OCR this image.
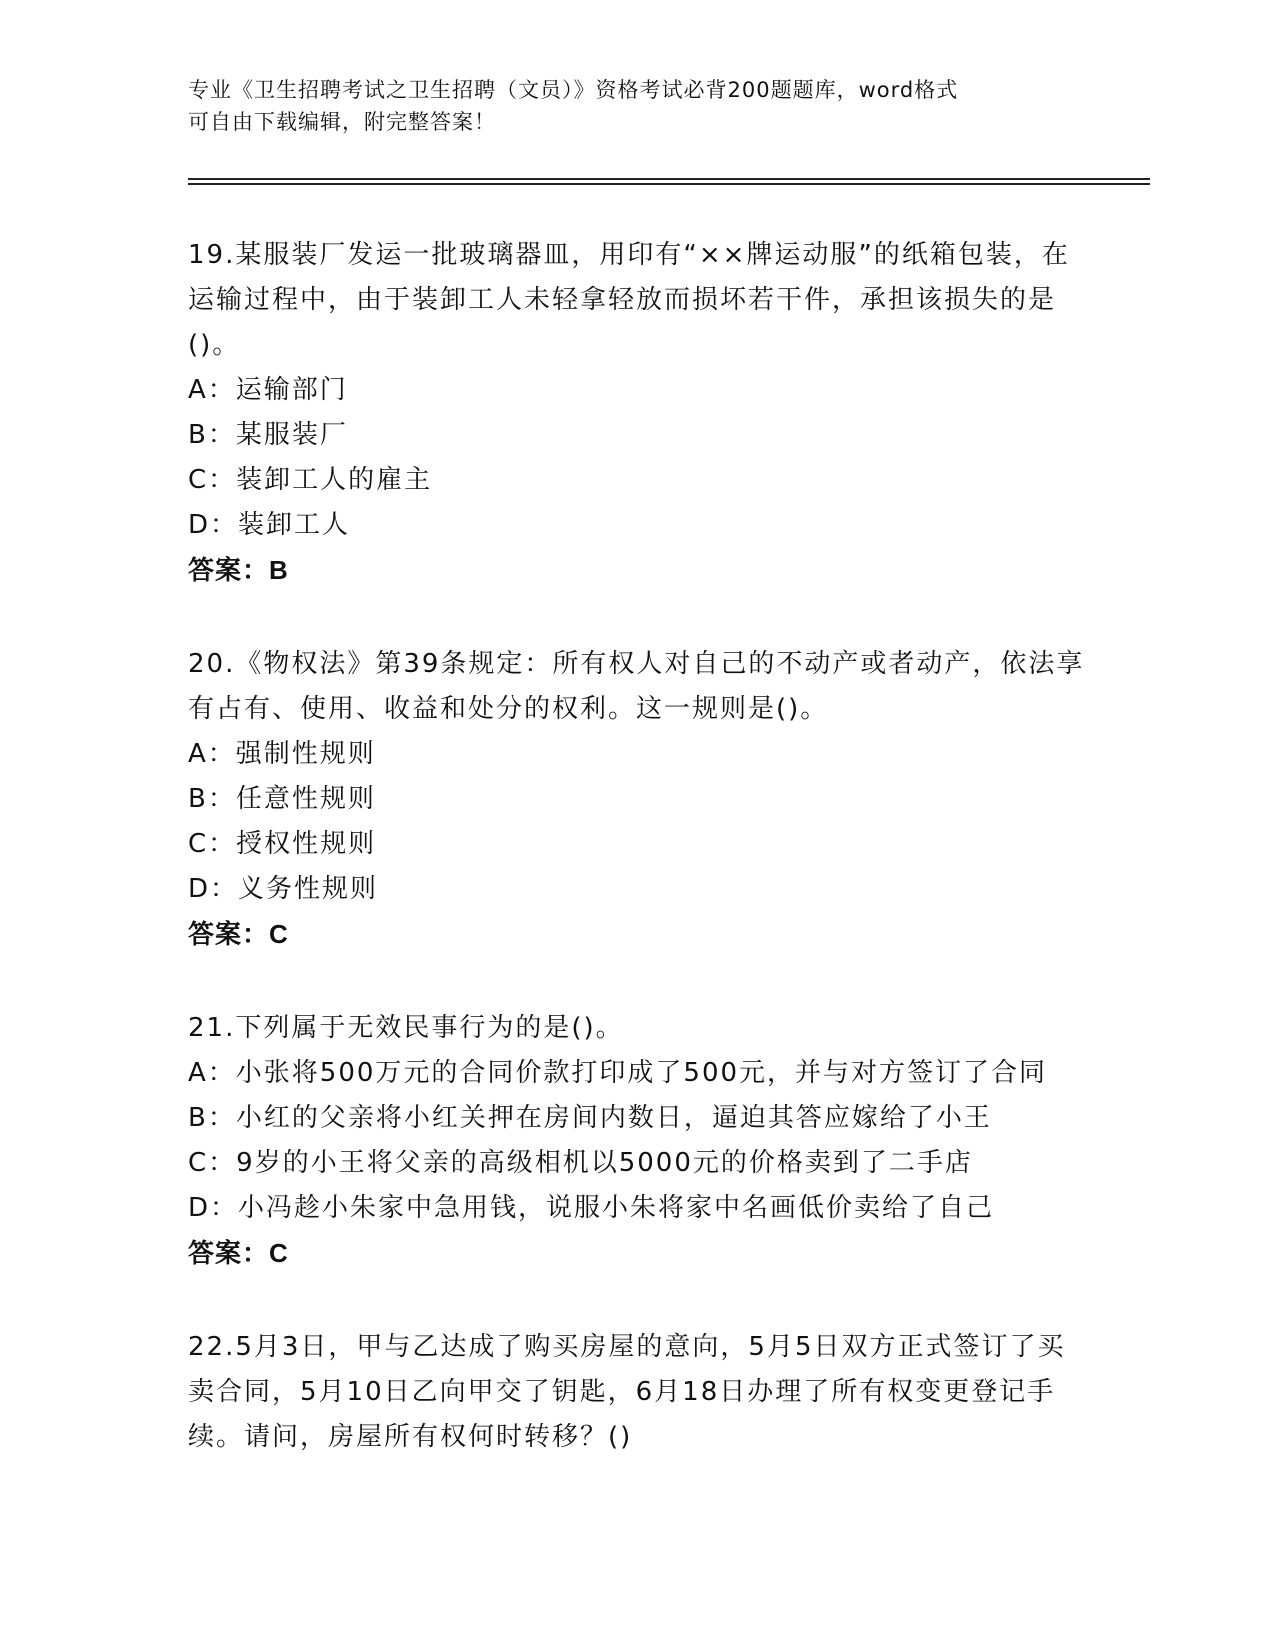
专业《卫生招聘考试之卫生招聘（文员）》资格考试必背200题题库，word格式
可自由下载编辑，附完整答案！
19.某服装厂发运一批玻璃器皿，用印有“××牌运动服”的纸箱包装，在运输过程中，由于装卸工人未轻拿轻放而损坏若干件，承担该损失的是()。
A：运输部门
B：某服装厂
C：装卸工人的雇主
D：装卸工人
答案：B
20.《物权法》第39条规定：所有权人对自己的不动产或者动产，依法享有占有、使用、收益和处分的权利。这一规则是()。
A：强制性规则
B：任意性规则
C：授权性规则
D：义务性规则
答案：C
21.下列属于无效民事行为的是()。
A：小张将500万元的合同价款打印成了500元，并与对方签订了合同
B：小红的父亲将小红关押在房间内数日，逼迫其答应嫁给了小王
C：9岁的小王将父亲的高级相机以5000元的价格卖到了二手店
D：小冯趁小朱家中急用钱，说服小朱将家中名画低价卖给了自己
答案：C
22.5月3日，甲与乙达成了购买房屋的意向，5月5日双方正式签订了买卖合同，5月10日乙向甲交了钥匙，6月18日办理了所有权变更登记手续。请问，房屋所有权何时转移？()
